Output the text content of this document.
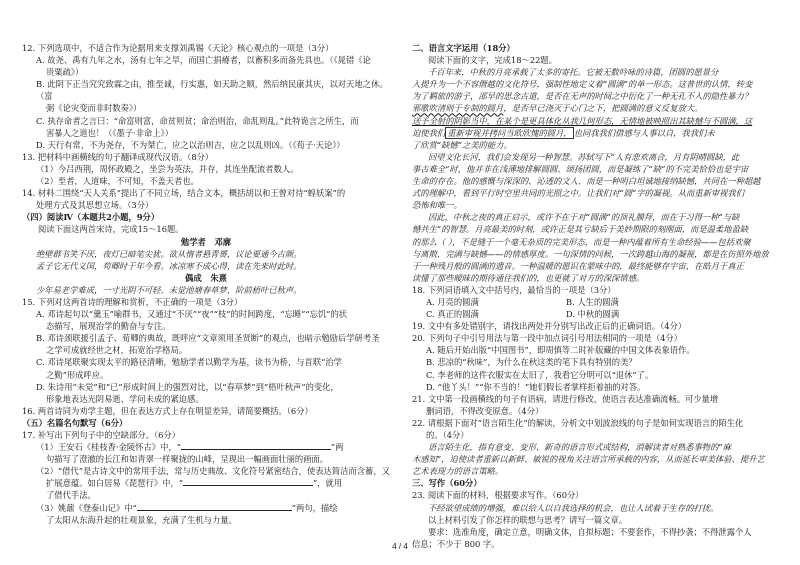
12. 下列选项中，不适合作为论据用来支撑刘禹锡《天论》核心观点的一项是（3分）

A. 故尧、禹有九年之水，汤有七年之旱，而国亡捐瘠者，以畜积多而备先具也。（《晁错《论

贵粟疏》）

B. 此阴下正当究究致霖之由，推至诚，行实惠，如天助之顺，然后纳民康其庆，以对天地之休。（富

弼《论灾变而非时数奏》）

C. 执存命者之言曰：“命富则富，命贫则贫；命治则治，命乱则乱。”此特诡言之所生，而

害暴人之道也！（《墨子·非命上》）

D. 天行有常，不为尧存，不为桀亡，应之以治则吉，应之以乱则凶。（《荀子·天论》）

13. 把材料中画横线的句子翻译成现代汉语。（8分）

（1）今吕西荆，周怀政殿之，坐尝为英法，并存，其连坐配流者数人。

（2）至者，人道味，不可知，不盖天者也。

14. 材料二围绕“天人关系”提出了不同立场，结合文本，概括胡以和王曾对待“蝗妖案”的

处理方式及其思想立场。（3分）

（四）阅读Ⅳ（本题共2小题，9分）

阅读下面这两首宋诗，完成15～16题。

勉学者 邓廓

绝壁群书笑不厌，夜灯已暗笔尖犹。欲从惰者悬青赟，议论要通今古颜。

孟子它无代义国，苟卿时于年今看。冰凉寒不成心得，读在先来时此时。

偶成 朱熹

少年易老学难成，一寸光阴不可轻。未觉池塘春草梦，阶前梧叶已秋声。

15. 下列对这两首诗的理解和赏析，不正确的一项是（3分）

A. 邓诗起句以“羹玉”喻群书，又通过“不厌”“夜”“枝”的时间跨度，“忘睡”“忘饥”的状

态描写，展现治学的勤奋与专注。

B. 邓诗颈联援引孟子、荀卿的典故，既呼应“文章须用圣贤断”的观点，也暗示勉励后学研考圣

之学可成就经世之材，拓宽治学格局。

C. 邓诗尾联聚实现太平的路径清晰，勉励学者以勤学为基，读书为桥，与首联“治学

之勤”形成呼应。

D. 朱诗用“未觉”和“已”形成时间上的强烈对比，以“春草梦”到“梧叶秋声”的变化，

形象地表达光阴易逝、学问未成的紧迫感。

16. 两首诗同为劝学主题，但在表达方式上存在明显差异，请简要概括。（6分）

（五）名篇名句默写（6分）

17. 补写出下列句子中的空缺部分。（6分）

（1）王安石《桂枝香·金陵怀古》中，“	”两

句描写了澄澈的长江和如青翠一样聚拢的山峰，呈现出一幅画面壮丽的画面。

（2）“借代”是古诗文中的常用手法，常与历史典故、文化符号紧密结合，使表达简洁而含蓄，又

扩展意蕴。如白居易《琵琶行》中，“	”，就用

了借代手法。

（3）姚鼐《登泰山记》中“	”两句，描绘

了太阳从东海升起的壮观景象，充满了生机与力量。

二、语言文字运用（18分）

阅读下面的文字，完成18～22题。

千百年来，中秋的月亮承载了太多的寄托。它被无数吟咏的诗篇，团圆的愿景分

入提升为一个不容僭越的文化符号，强制性地定义着“圆满”的单一形态。这普世的认情，转变

为了羁旅的游子，邵早的思念古道，是否在无声的时间之中衍化了一种无孔不入的隐性暴力？

邪歌吹清则于专制的圆月，是否早已浇灭于心门之下，把圆满的意义反复放大。

送予全射的阴影当中，在某个是更具体化从我几何形态，无情地被映照出其缺憾与不圆满，这

迫使我们 重新审视并拷问当欧欣愧的圆月， 也同我我们借感与人事以自，我我们未

了欣赏“缺憾”之美的能力。

回望文化长河，我们会发现另一种智慧。苏轼写下“人有悲欢离合，月有阴晴圆缺，此

事古难全”时，他并非在浅薄地排解圆圆、颂扬团圆，而是凝练了“缺”的不完美恰恰也是宇宙

生命的存在。他的感慨与深深的、沁透的文人、而是一种明白坦诚地接纳缺憾，共同在一种超越

式的理解中，看到平行时空里共同的光照之中。让我们对“圆”字的凝视。从而重新审视我们

恐怖和唯一。

因此，中秋之夜的真正启示，或许不在于对“圆满”的顶礼膜拜，而在于习得一种“与缺

憾共生”的智慧。月亮最美的时刻，或许正是其亏缺后于美妙期限的刻刚面，而是温柔地盈缺

的那么（ ），不是缝于一个毫无杂质的完美形态，而是一种内蕴着所有生命经验——包括欢聚

与离散、完满与缺憾——的情感厚度。一句深情的问候，一次跨越山海的凝视，都是在仿照外地放

于一种残月般的圆满的遗音。一种温暖的愿识在蒙味中的，最终能够存宇宙，在皓月于真正

读懂了那些暧昧的期待通往我们的，也更就了对方的深深情感。

18. 下列词语填入文中括号内，最恰当的一项是（3分）

A. 月亮的圆满	B. 人生的圆满
C. 真正的圆满	D. 中秋的圆满

19. 文中有多处错别字，请找出两处并分别写出改正后的正确词语。（4分）

20. 下列句子中引号用法与第一段中加点词引号用法相同的一项是（4分）

A. 随后开始出版“中国图书”，即周慎等二时补版藏的中国文体表象语作。

B. 悲凉的“秋味”，为什么在秋这类的笔下具有特别的美？

C. 李老师的这件衣服实在太旧了，我看它分明可以“退休”了。

D. “他丫头！”“你不当的！”她们假长者掌样拒着抽的对答。

21. 文中第一段画横线的句子有语病，请进行修改，使语言表达准确流畅。可少量增

删词语，不得改变原意。（4分）

22. 请根据下面对“语言陌生化”的解读，分析文中划波浪线的句子是如何实现语言的陌生化

的。（4分）

语言陌生化，指有意变、变形、新奇的语言形式或结构，消解读者对熟悉事物的“麻

木感知”，迫使读者重新以新鲜、敏锐的视角关注语言所承载的内容，从而延长审美体验、提升艺

艺术表现力的语言策略。

三、写作（60分）

23. 阅读下面的材料，根据要求写作。（60分）

不经欲望成绩的增强，难以给人以自我选择的机会，也让人试着于生存的打扰。

以上材料引发了你怎样的联想与思考？请写一篇文章。

要求：选准角度，确定立意，明确文体，自拟标题；不要套作，不得抄袭；不得泄露个人

信息；不少于 800 字。

4 / 4
